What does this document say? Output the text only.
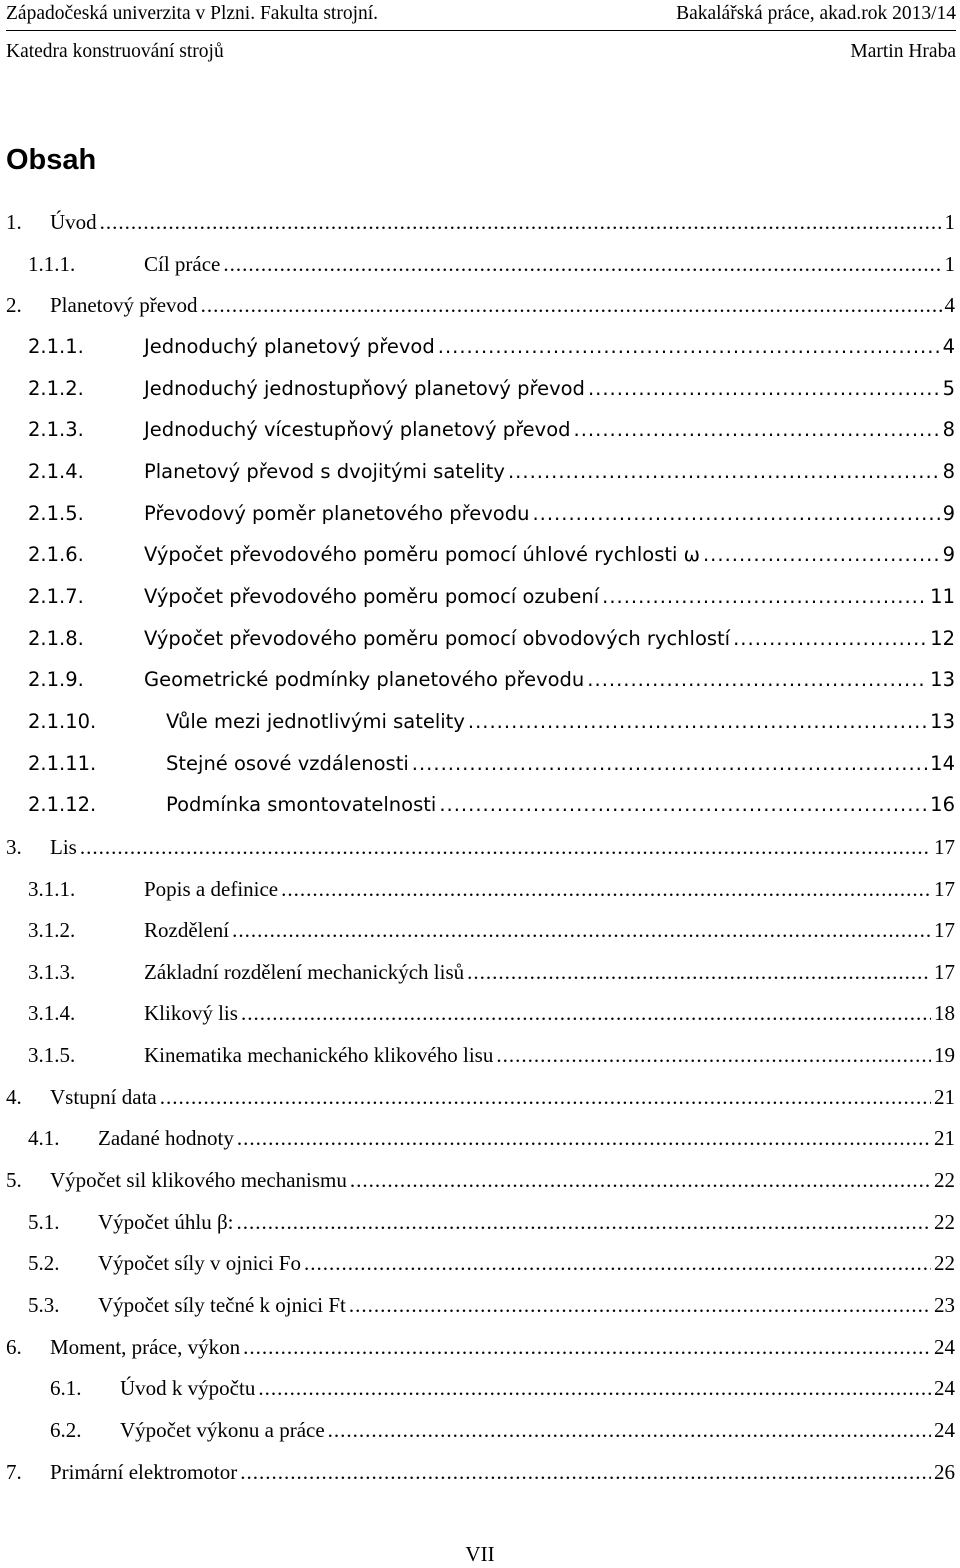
Západočeská univerzita v Plzni. Fakulta strojní.	Bakalářská práce, akad.rok 2013/14
Katedra konstruování strojů	Martin Hraba
Obsah
1.	Úvod .....	1
1.1.1.	Cíl práce .....	1
2.	Planetový převod .....	4
2.1.1.	Jednoduchý planetový převod .....	4
2.1.2.	Jednoduchý jednostupňový planetový převod .....	5
2.1.3.	Jednoduchý vícestupňový planetový převod .....	8
2.1.4.	Planetový převod s dvojitými satelity .....	8
2.1.5.	Převodový poměr planetového převodu .....	9
2.1.6.	Výpočet převodového poměru pomocí úhlové rychlosti ω .....	9
2.1.7.	Výpočet převodového poměru pomocí ozubení .....	11
2.1.8.	Výpočet převodového poměru pomocí obvodových rychlostí .....	12
2.1.9.	Geometrické podmínky planetového převodu .....	13
2.1.10.	Vůle mezi jednotlivými satelity .....	13
2.1.11.	Stejné osové vzdálenosti .....	14
2.1.12.	Podmínka smontovatelnosti .....	16
3.	Lis .....	17
3.1.1.	Popis a definice .....	17
3.1.2.	Rozdělení .....	17
3.1.3.	Základní rozdělení mechanických lisů .....	17
3.1.4.	Klikový lis .....	18
3.1.5.	Kinematika mechanického klikového lisu .....	19
4.	Vstupní data .....	21
4.1.	Zadané hodnoty .....	21
5.	Výpočet sil klikového mechanismu .....	22
5.1.	Výpočet úhlu β: .....	22
5.2.	Výpočet síly v ojnici Fo .....	22
5.3.	Výpočet síly tečné k ojnici Ft .....	23
6.	Moment, práce, výkon .....	24
6.1.	Úvod k výpočtu .....	24
6.2.	Výpočet výkonu a práce .....	24
7.	Primární elektromotor .....	26
VII
